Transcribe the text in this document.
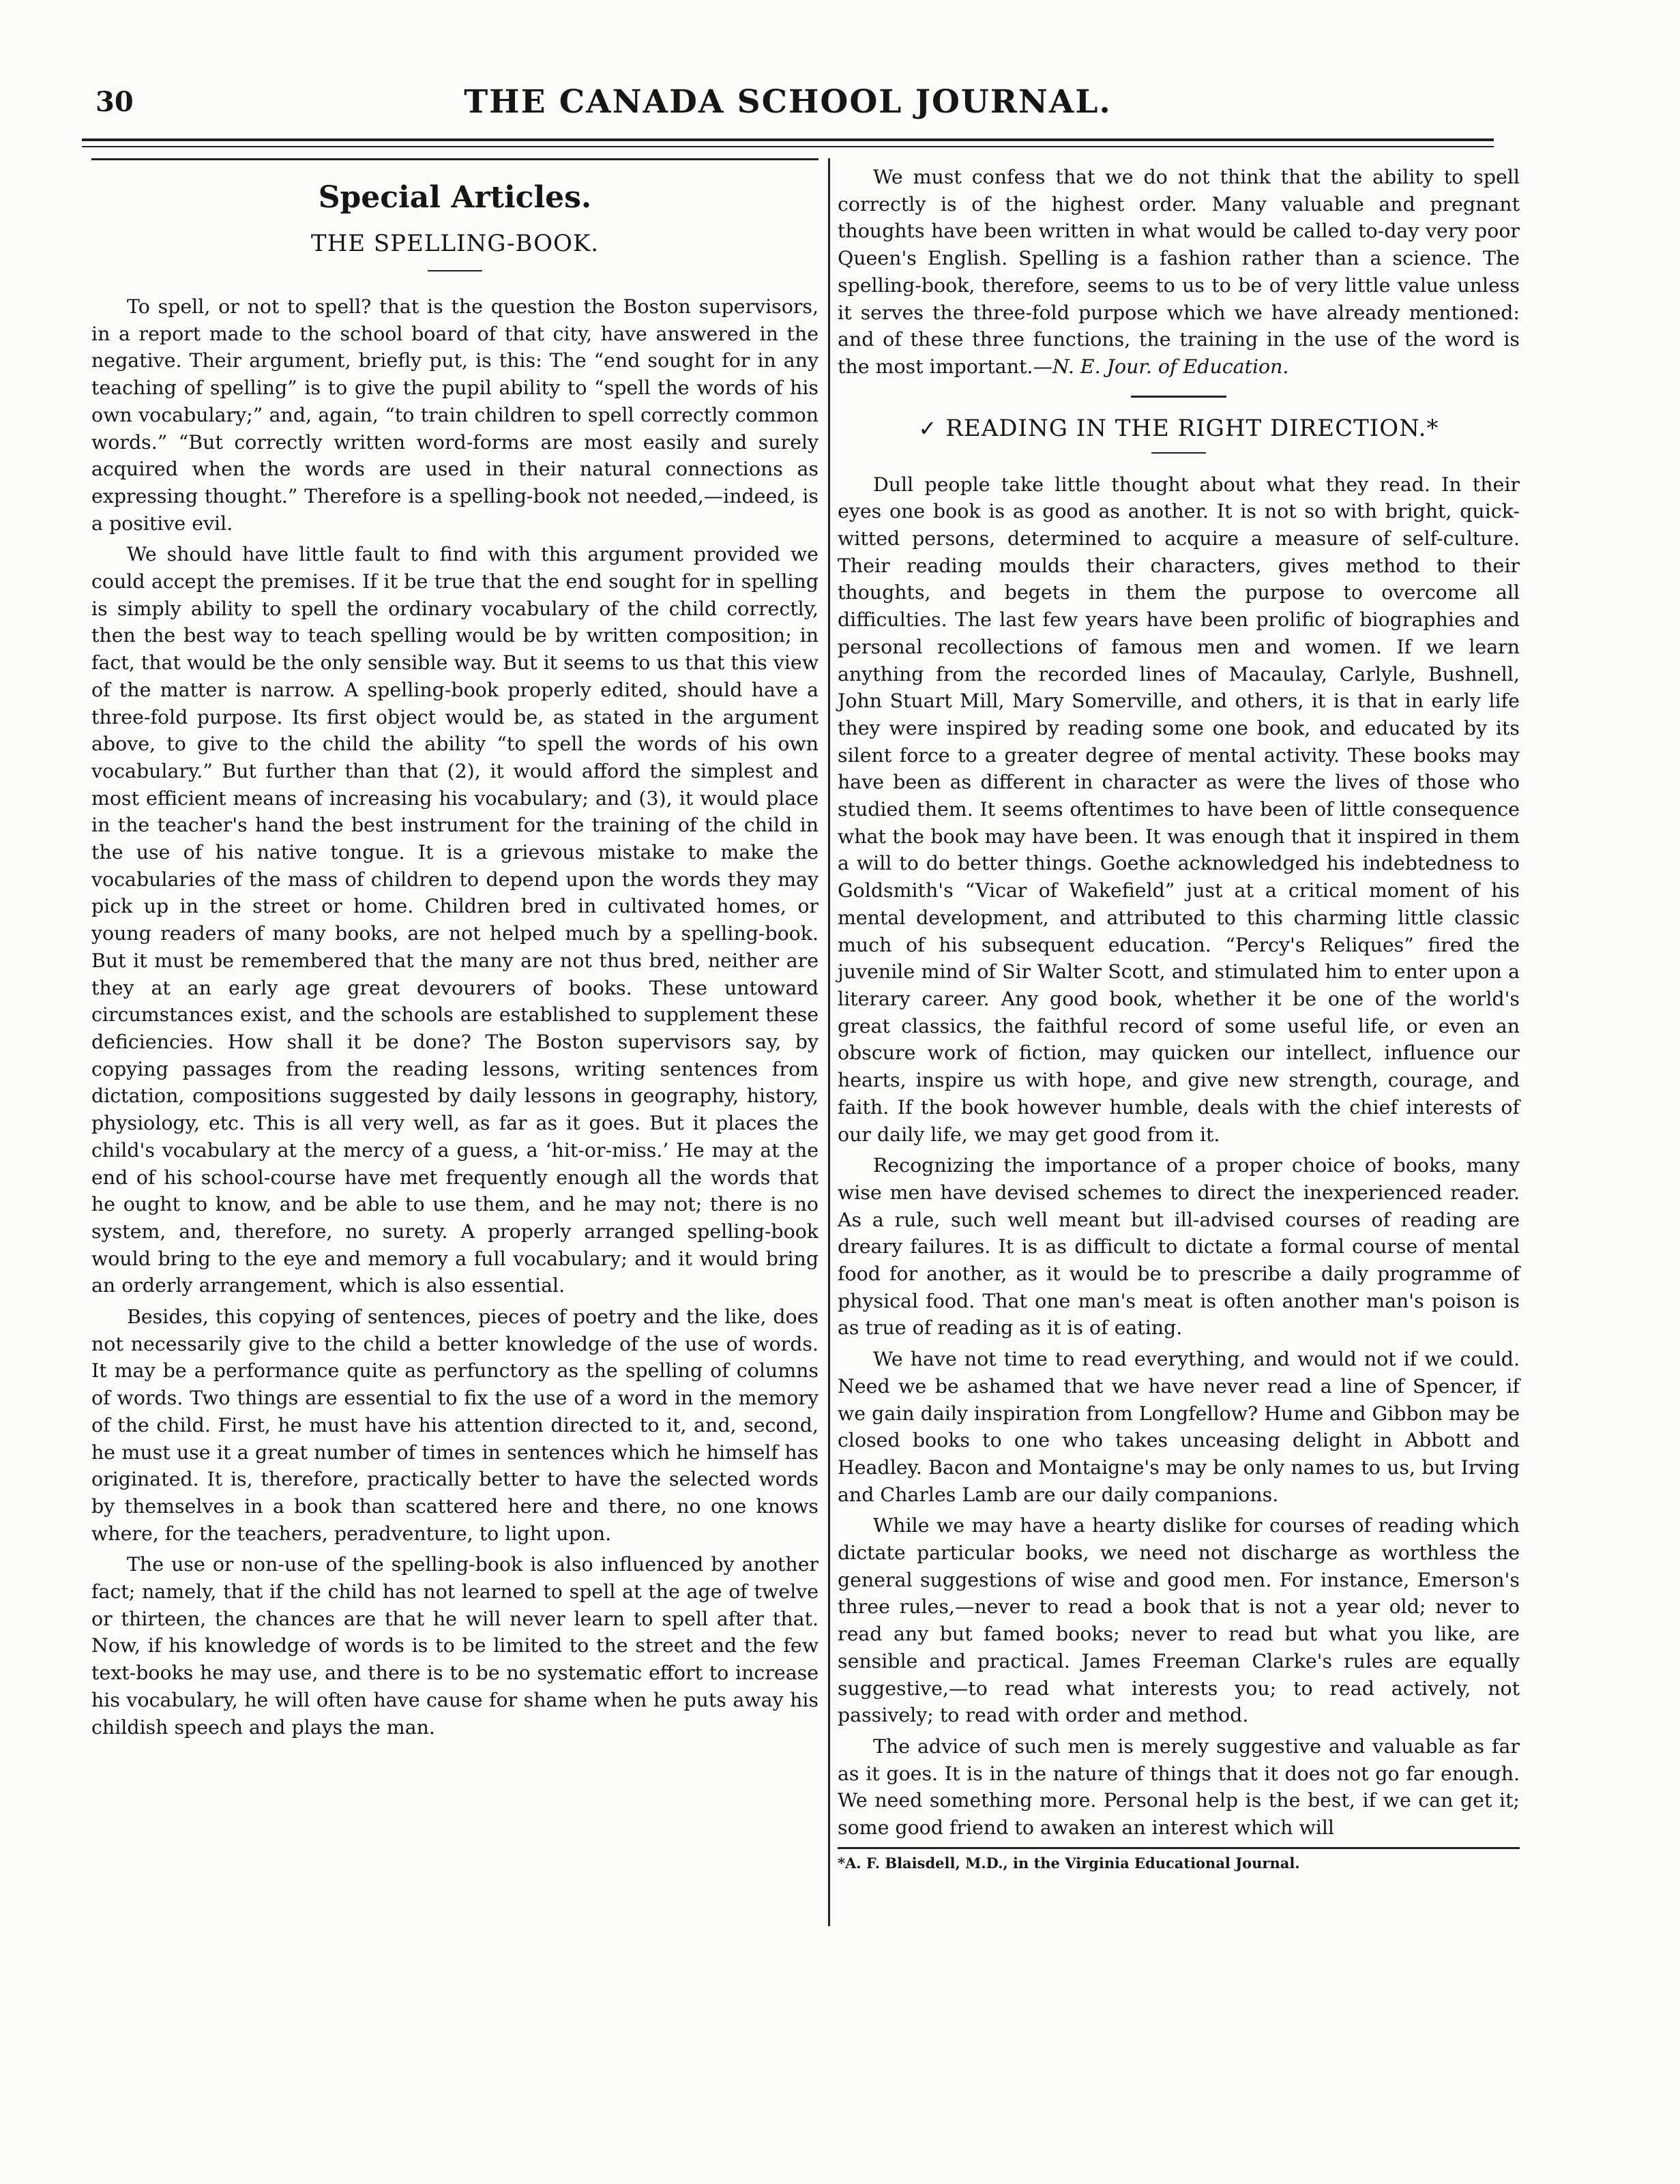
30	THE CANADA SCHOOL JOURNAL.
Special Articles.
THE SPELLING-BOOK.

To spell, or not to spell? that is the question the Boston supervisors, in a report made to the school board of that city, have answered in the negative. Their argument, briefly put, is this: The “end sought for in any teaching of spelling” is to give the pupil ability to “spell the words of his own vocabulary;” and, again, “to train children to spell correctly common words.” “But correctly written word-forms are most easily and surely acquired when the words are used in their natural connections as expressing thought.” Therefore is a spelling-book not needed,—indeed, is a positive evil.

We should have little fault to find with this argument provided we could accept the premises. If it be true that the end sought for in spelling is simply ability to spell the ordinary vocabulary of the child correctly, then the best way to teach spelling would be by written composition; in fact, that would be the only sensible way. But it seems to us that this view of the matter is narrow. A spelling-book properly edited, should have a three-fold purpose. Its first object would be, as stated in the argument above, to give to the child the ability “to spell the words of his own vocabulary.” But further than that (2), it would afford the simplest and most efficient means of increasing his vocabulary; and (3), it would place in the teacher's hand the best instrument for the training of the child in the use of his native tongue. It is a grievous mistake to make the vocabularies of the mass of children to depend upon the words they may pick up in the street or home. Children bred in cultivated homes, or young readers of many books, are not helped much by a spelling-book. But it must be remembered that the many are not thus bred, neither are they at an early age great devourers of books. These untoward circumstances exist, and the schools are established to supplement these deficiencies. How shall it be done? The Boston supervisors say, by copying passages from the reading lessons, writing sentences from dictation, compositions suggested by daily lessons in geography, history, physiology, etc. This is all very well, as far as it goes. But it places the child's vocabulary at the mercy of a guess, a ‘hit-or-miss.’ He may at the end of his school-course have met frequently enough all the words that he ought to know, and be able to use them, and he may not; there is no system, and, therefore, no surety. A properly arranged spelling-book would bring to the eye and memory a full vocabulary; and it would bring an orderly arrangement, which is also essential.

Besides, this copying of sentences, pieces of poetry and the like, does not necessarily give to the child a better knowledge of the use of words. It may be a performance quite as perfunctory as the spelling of columns of words. Two things are essential to fix the use of a word in the memory of the child. First, he must have his attention directed to it, and, second, he must use it a great number of times in sentences which he himself has originated. It is, therefore, practically better to have the selected words by themselves in a book than scattered here and there, no one knows where, for the teachers, peradventure, to light upon.

The use or non-use of the spelling-book is also influenced by another fact; namely, that if the child has not learned to spell at the age of twelve or thirteen, the chances are that he will never learn to spell after that. Now, if his knowledge of words is to be limited to the street and the few text-books he may use, and there is to be no systematic effort to increase his vocabulary, he will often have cause for shame when he puts away his childish speech and plays the man.

We must confess that we do not think that the ability to spell correctly is of the highest order. Many valuable and pregnant thoughts have been written in what would be called to-day very poor Queen's English. Spelling is a fashion rather than a science. The spelling-book, therefore, seems to us to be of very little value unless it serves the three-fold purpose which we have already mentioned: and of these three functions, the training in the use of the word is the most important.—N. E. Jour. of Education.

✓ READING IN THE RIGHT DIRECTION.*

Dull people take little thought about what they read. In their eyes one book is as good as another. It is not so with bright, quick-witted persons, determined to acquire a measure of self-culture. Their reading moulds their characters, gives method to their thoughts, and begets in them the purpose to overcome all difficulties. The last few years have been prolific of biographies and personal recollections of famous men and women. If we learn anything from the recorded lines of Macaulay, Carlyle, Bushnell, John Stuart Mill, Mary Somerville, and others, it is that in early life they were inspired by reading some one book, and educated by its silent force to a greater degree of mental activity. These books may have been as different in character as were the lives of those who studied them. It seems oftentimes to have been of little consequence what the book may have been. It was enough that it inspired in them a will to do better things. Goethe acknowledged his indebtedness to Goldsmith's “Vicar of Wakefield” just at a critical moment of his mental development, and attributed to this charming little classic much of his subsequent education. “Percy's Reliques” fired the juvenile mind of Sir Walter Scott, and stimulated him to enter upon a literary career. Any good book, whether it be one of the world's great classics, the faithful record of some useful life, or even an obscure work of fiction, may quicken our intellect, influence our hearts, inspire us with hope, and give new strength, courage, and faith. If the book however humble, deals with the chief interests of our daily life, we may get good from it.

Recognizing the importance of a proper choice of books, many wise men have devised schemes to direct the inexperienced reader. As a rule, such well meant but ill-advised courses of reading are dreary failures. It is as difficult to dictate a formal course of mental food for another, as it would be to prescribe a daily programme of physical food. That one man's meat is often another man's poison is as true of reading as it is of eating.

We have not time to read everything, and would not if we could. Need we be ashamed that we have never read a line of Spencer, if we gain daily inspiration from Longfellow? Hume and Gibbon may be closed books to one who takes unceasing delight in Abbott and Headley. Bacon and Montaigne's may be only names to us, but Irving and Charles Lamb are our daily companions.

While we may have a hearty dislike for courses of reading which dictate particular books, we need not discharge as worthless the general suggestions of wise and good men. For instance, Emerson's three rules,—never to read a book that is not a year old; never to read any but famed books; never to read but what you like, are sensible and practical. James Freeman Clarke's rules are equally suggestive,—to read what interests you; to read actively, not passively; to read with order and method.

The advice of such men is merely suggestive and valuable as far as it goes. It is in the nature of things that it does not go far enough. We need something more. Personal help is the best, if we can get it; some good friend to awaken an interest which will

*A. F. Blaisdell, M.D., in the Virginia Educational Journal.
